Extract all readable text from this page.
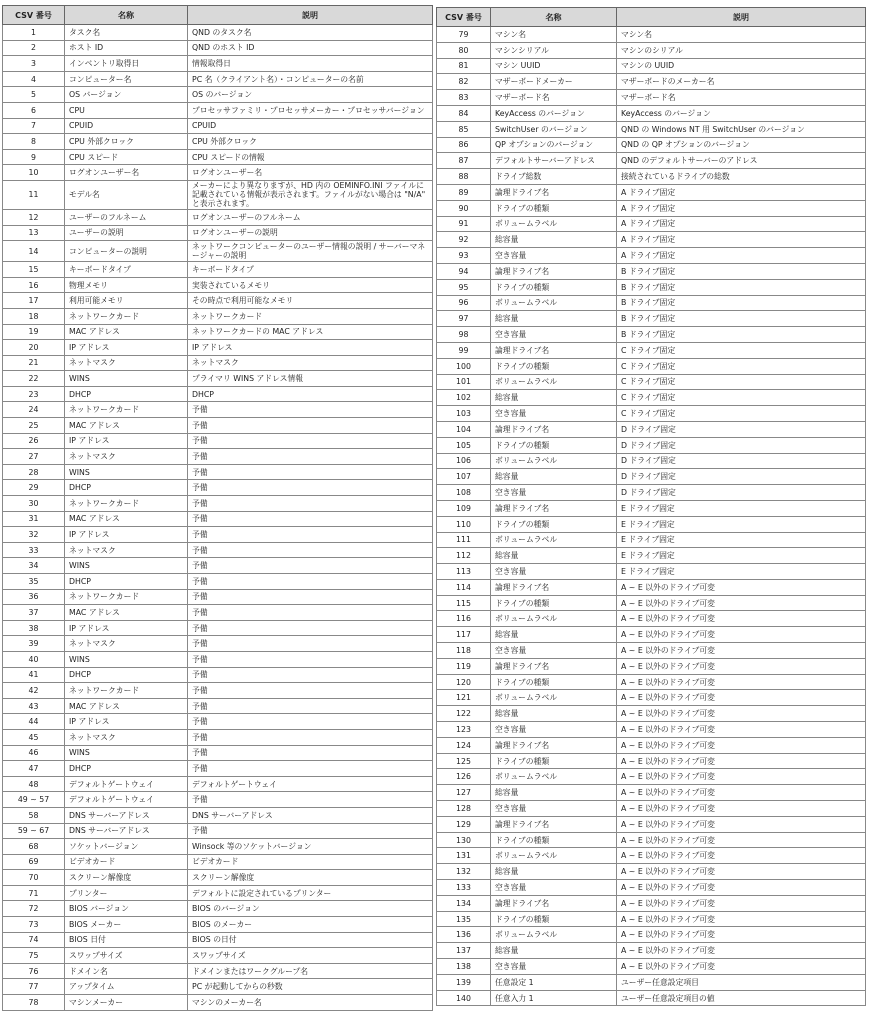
CSV 番号	名称	説明
1	タスク名	QND のタスク名
2	ホスト ID	QND のホスト ID
3	インベントリ取得日	情報取得日
4	コンピューター名	PC 名（クライアント名）・コンピューターの名前
5	OS バージョン	OS のバージョン
6	CPU	プロセッサファミリ・プロセッサメーカー・プロセッサバージョン
7	CPUID	CPUID
8	CPU 外部クロック	CPU 外部クロック
9	CPU スピード	CPU スピードの情報
10	ログオンユーザー名	ログオンユーザー名
11	モデル名	メーカーにより異なりますが、HD 内の OEMINFO.INI ファイルに記載されている情報が表示されます。ファイルがない場合は "N/A" と表示されます。
12	ユーザーのフルネーム	ログオンユーザーのフルネーム
13	ユーザーの説明	ログオンユーザーの説明
14	コンピューターの説明	ネットワークコンピューターのユーザー情報の説明 / サーバーマネージャーの説明
15	キーボードタイプ	キーボードタイプ
16	物理メモリ	実装されているメモリ
17	利用可能メモリ	その時点で利用可能なメモリ
18	ネットワークカード	ネットワークカード
19	MAC アドレス	ネットワークカードの MAC アドレス
20	IP アドレス	IP アドレス
21	ネットマスク	ネットマスク
22	WINS	プライマリ WINS アドレス情報
23	DHCP	DHCP
24	ネットワークカード	予備
25	MAC アドレス	予備
26	IP アドレス	予備
27	ネットマスク	予備
28	WINS	予備
29	DHCP	予備
30	ネットワークカード	予備
31	MAC アドレス	予備
32	IP アドレス	予備
33	ネットマスク	予備
34	WINS	予備
35	DHCP	予備
36	ネットワークカード	予備
37	MAC アドレス	予備
38	IP アドレス	予備
39	ネットマスク	予備
40	WINS	予備
41	DHCP	予備
42	ネットワークカード	予備
43	MAC アドレス	予備
44	IP アドレス	予備
45	ネットマスク	予備
46	WINS	予備
47	DHCP	予備
48	デフォルトゲートウェイ	デフォルトゲートウェイ
49 ~ 57	デフォルトゲートウェイ	予備
58	DNS サーバーアドレス	DNS サーバーアドレス
59 ~ 67	DNS サーバーアドレス	予備
68	ソケットバージョン	Winsock 等のソケットバージョン
69	ビデオカード	ビデオカード
70	スクリーン解像度	スクリーン解像度
71	プリンター	デフォルトに設定されているプリンター
72	BIOS バージョン	BIOS のバージョン
73	BIOS メーカー	BIOS のメーカー
74	BIOS 日付	BIOS の日付
75	スワップサイズ	スワップサイズ
76	ドメイン名	ドメインまたはワークグループ名
77	アップタイム	PC が起動してからの秒数
78	マシンメーカー	マシンのメーカー名
CSV 番号	名称	説明
79	マシン名	マシン名
80	マシンシリアル	マシンのシリアル
81	マシン UUID	マシンの UUID
82	マザーボードメーカー	マザーボードのメーカー名
83	マザーボード名	マザーボード名
84	KeyAccess のバージョン	KeyAccess のバージョン
85	SwitchUser のバージョン	QND の Windows NT 用 SwitchUser のバージョン
86	QP オプションのバージョン	QND の QP オプションのバージョン
87	デフォルトサーバーアドレス	QND のデフォルトサーバーのアドレス
88	ドライブ総数	接続されているドライブの総数
89	論理ドライブ名	A ドライブ固定
90	ドライブの種類	A ドライブ固定
91	ボリュームラベル	A ドライブ固定
92	総容量	A ドライブ固定
93	空き容量	A ドライブ固定
94	論理ドライブ名	B ドライブ固定
95	ドライブの種類	B ドライブ固定
96	ボリュームラベル	B ドライブ固定
97	総容量	B ドライブ固定
98	空き容量	B ドライブ固定
99	論理ドライブ名	C ドライブ固定
100	ドライブの種類	C ドライブ固定
101	ボリュームラベル	C ドライブ固定
102	総容量	C ドライブ固定
103	空き容量	C ドライブ固定
104	論理ドライブ名	D ドライブ固定
105	ドライブの種類	D ドライブ固定
106	ボリュームラベル	D ドライブ固定
107	総容量	D ドライブ固定
108	空き容量	D ドライブ固定
109	論理ドライブ名	E ドライブ固定
110	ドライブの種類	E ドライブ固定
111	ボリュームラベル	E ドライブ固定
112	総容量	E ドライブ固定
113	空き容量	E ドライブ固定
114	論理ドライブ名	A ~ E 以外のドライブ可変
115	ドライブの種類	A ~ E 以外のドライブ可変
116	ボリュームラベル	A ~ E 以外のドライブ可変
117	総容量	A ~ E 以外のドライブ可変
118	空き容量	A ~ E 以外のドライブ可変
119	論理ドライブ名	A ~ E 以外のドライブ可変
120	ドライブの種類	A ~ E 以外のドライブ可変
121	ボリュームラベル	A ~ E 以外のドライブ可変
122	総容量	A ~ E 以外のドライブ可変
123	空き容量	A ~ E 以外のドライブ可変
124	論理ドライブ名	A ~ E 以外のドライブ可変
125	ドライブの種類	A ~ E 以外のドライブ可変
126	ボリュームラベル	A ~ E 以外のドライブ可変
127	総容量	A ~ E 以外のドライブ可変
128	空き容量	A ~ E 以外のドライブ可変
129	論理ドライブ名	A ~ E 以外のドライブ可変
130	ドライブの種類	A ~ E 以外のドライブ可変
131	ボリュームラベル	A ~ E 以外のドライブ可変
132	総容量	A ~ E 以外のドライブ可変
133	空き容量	A ~ E 以外のドライブ可変
134	論理ドライブ名	A ~ E 以外のドライブ可変
135	ドライブの種類	A ~ E 以外のドライブ可変
136	ボリュームラベル	A ~ E 以外のドライブ可変
137	総容量	A ~ E 以外のドライブ可変
138	空き容量	A ~ E 以外のドライブ可変
139	任意設定 1	ユーザー任意設定項目
140	任意入力 1	ユーザー任意設定項目の値
